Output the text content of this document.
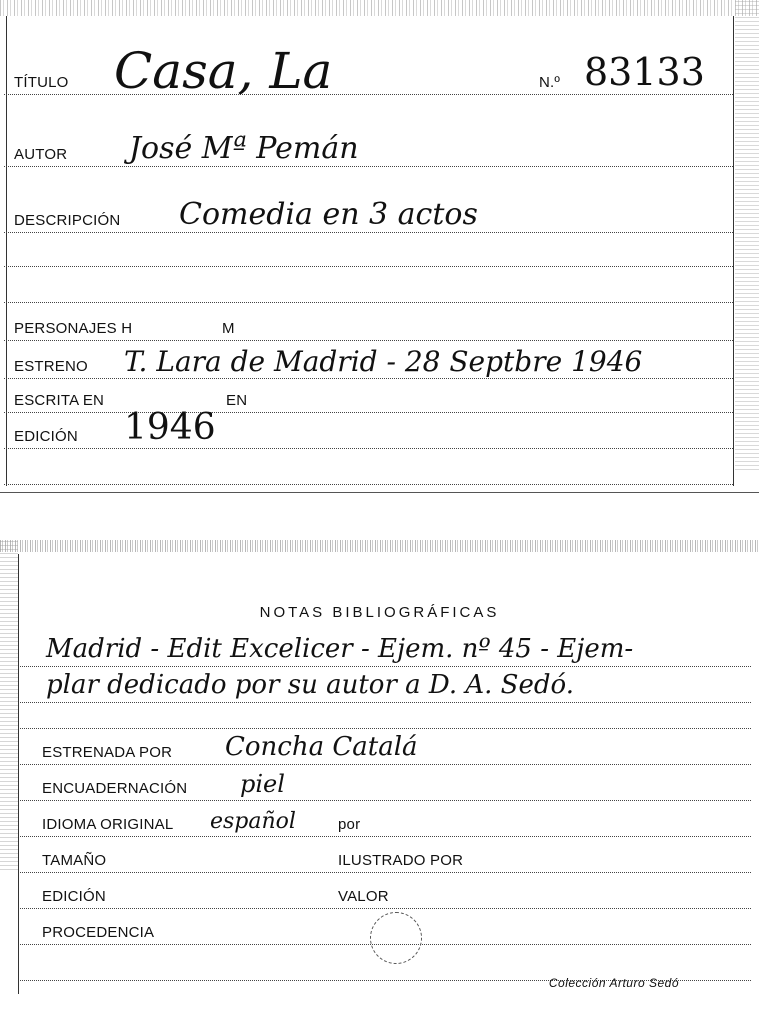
TÍTULO Casa, La	N.º 83133
AUTOR José Mª Pemán
DESCRIPCIÓN Comedia en 3 actos
PERSONAJES H	M
ESTRENO T. Lara de Madrid - 28 Septbre 1946
ESCRITA EN	EN
EDICIÓN 1946
NOTAS BIBLIOGRÁFICAS
Madrid - Edit Excelicer - Ejem. nº 45 - Ejem-
plar dedicado por su autor a D. A. Sedó.
ESTRENADA POR Concha Catalá
ENCUADERNACIÓN piel
IDIOMA ORIGINAL español	por
TAMAÑO	ILUSTRADO POR
EDICIÓN	VALOR
PROCEDENCIA
Colección Arturo Sedó
